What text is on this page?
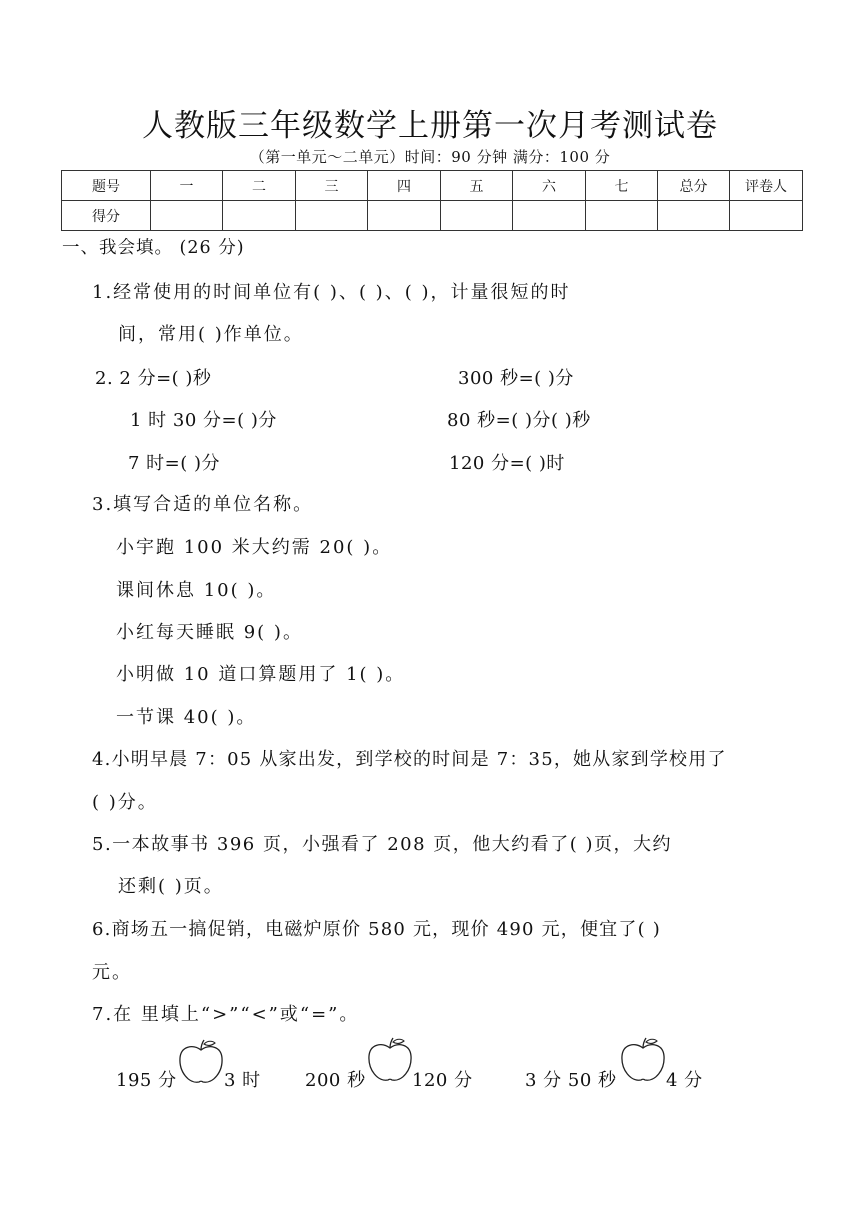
人教版三年级数学上册第一次月考测试卷
（第一单元～二单元）时间：90 分钟 满分：100 分
题号	一	二	三	四	五	六	七	总分	评卷人
得分									
一、我会填。 (26 分)
1.经常使用的时间单位有( )、( )、( )，计量很短的时
间，常用( )作单位。
2. 2 分=( )秒	300 秒=( )分
1 时 30 分=( )分	80 秒=( )分( )秒
7 时=( )分	120 分=( )时
3.填写合适的单位名称。
小宇跑 100 米大约需 20( )。
课间休息 10( )。
小红每天睡眠 9( )。
小明做 10 道口算题用了 1( )。
一节课 40( )。
4.小明早晨 7：05 从家出发，到学校的时间是 7：35，她从家到学校用了
( )分。
5.一本故事书 396 页，小强看了 208 页，他大约看了( )页，大约
还剩( )页。
6.商场五一搞促销，电磁炉原价 580 元，现价 490 元，便宜了( )
元。
7.在 里填上“>”“<”或“=”。
195 分	3 时 200 秒	120 分	3 分 50 秒	4 分
